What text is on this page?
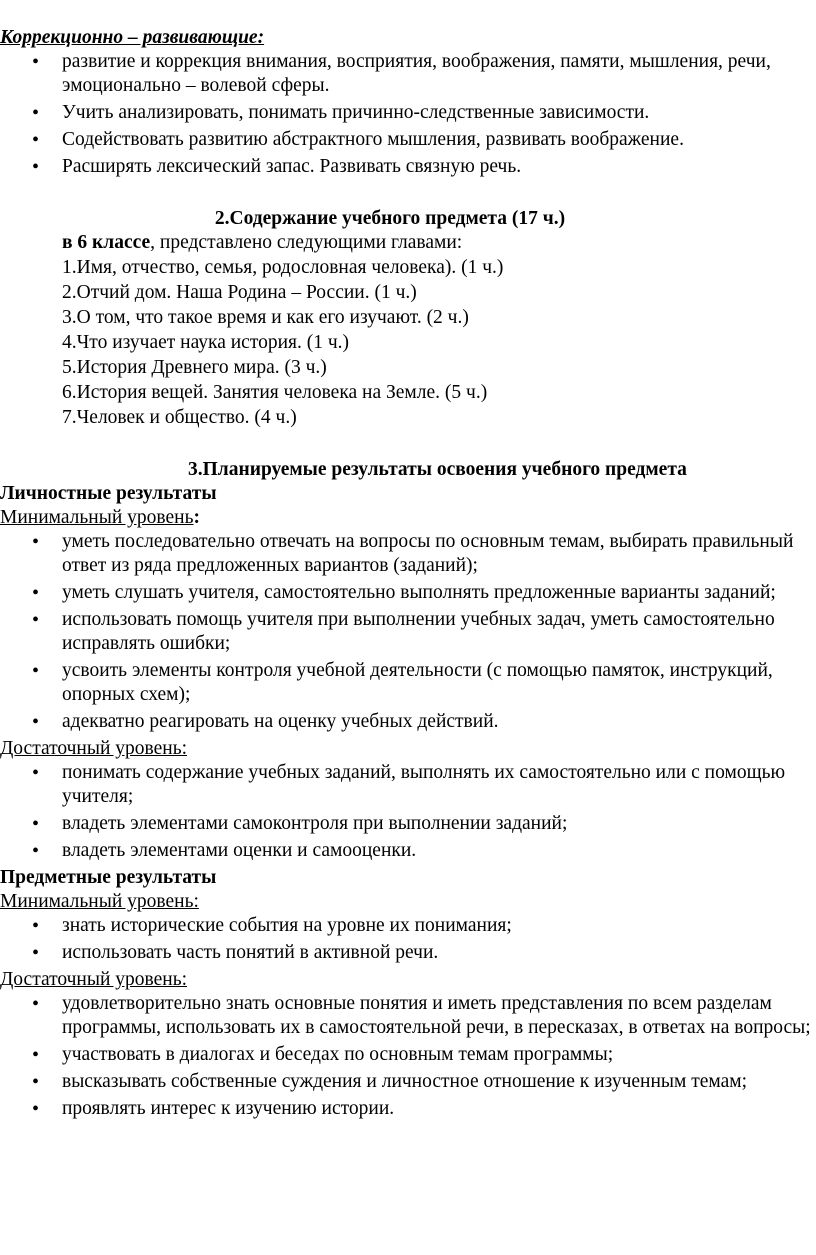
Коррекционно – развивающие:

• развитие и коррекция внимания, восприятия, воображения, памяти, мышления, речи, эмоционально – волевой сферы.
• Учить анализировать, понимать причинно-следственные зависимости.
• Содействовать развитию абстрактного мышления, развивать воображение.
• Расширять лексический запас. Развивать связную речь.

2.Содержание учебного предмета (17 ч.)

в 6 классе, представлено следующими главами:

1.Имя, отчество, семья, родословная человека). (1 ч.)

2.Отчий дом. Наша Родина – России. (1 ч.)

3.О том, что такое время и как его изучают. (2 ч.)

4.Что изучает наука история. (1 ч.)

5.История Древнего мира. (3 ч.)

6.История вещей. Занятия человека на Земле. (5 ч.)

7.Человек и общество. (4 ч.)

3.Планируемые результаты освоения учебного предмета

Личностные результаты

Минимальный уровень:

• уметь последовательно отвечать на вопросы по основным темам, выбирать правильный ответ из ряда предложенных вариантов (заданий);
• уметь слушать учителя, самостоятельно выполнять предложенные варианты заданий;
• использовать помощь учителя при выполнении учебных задач, уметь самостоятельно исправлять ошибки;
• усвоить элементы контроля учебной деятельности (с помощью памяток, инструкций, опорных схем);
• адекватно реагировать на оценку учебных действий.

Достаточный уровень:

• понимать содержание учебных заданий, выполнять их самостоятельно или с помощью учителя;
• владеть элементами самоконтроля при выполнении заданий;
• владеть элементами оценки и самооценки.

Предметные результаты

Минимальный уровень:

• знать исторические события на уровне их понимания;
• использовать часть понятий в активной речи.

Достаточный уровень:

• удовлетворительно знать основные понятия и иметь представления по всем разделам программы, использовать их в самостоятельной речи, в пересказах, в ответах на вопросы;
• участвовать в диалогах и беседах по основным темам программы;
• высказывать собственные суждения и личностное отношение к изученным темам;
• проявлять интерес к изучению истории.
